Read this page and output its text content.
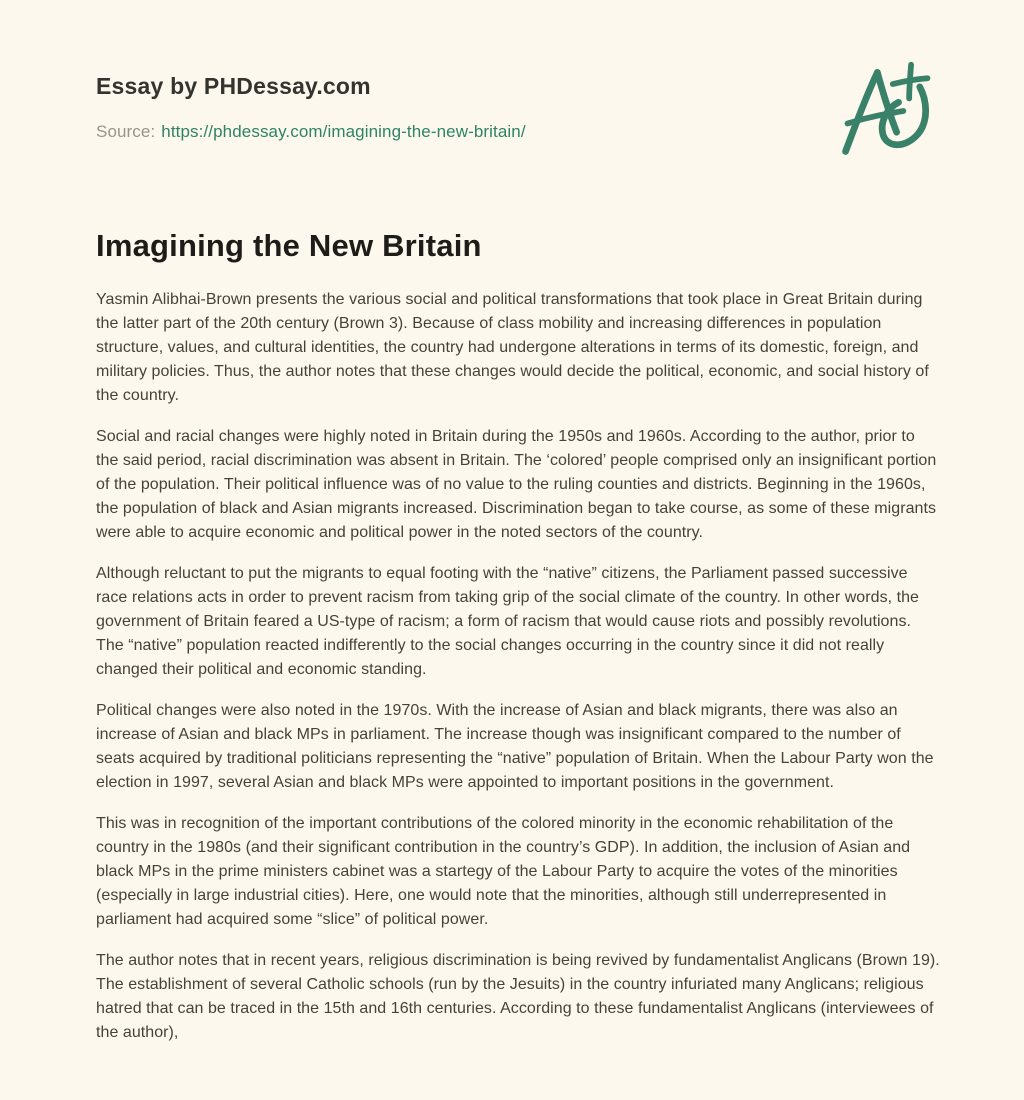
Essay by PHDessay.com
Source: https://phdessay.com/imagining-the-new-britain/
Imagining the New Britain

Yasmin Alibhai-Brown presents the various social and political transformations that took place in Great Britain during the latter part of the 20th century (Brown 3). Because of class mobility and increasing differences in population structure, values, and cultural identities, the country had undergone alterations in terms of its domestic, foreign, and military policies. Thus, the author notes that these changes would decide the political, economic, and social history of the country.

Social and racial changes were highly noted in Britain during the 1950s and 1960s. According to the author, prior to the said period, racial discrimination was absent in Britain. The ‘colored’ people comprised only an insignificant portion of the population. Their political influence was of no value to the ruling counties and districts. Beginning in the 1960s, the population of black and Asian migrants increased. Discrimination began to take course, as some of these migrants were able to acquire economic and political power in the noted sectors of the country.

Although reluctant to put the migrants to equal footing with the “native” citizens, the Parliament passed successive race relations acts in order to prevent racism from taking grip of the social climate of the country. In other words, the government of Britain feared a US-type of racism; a form of racism that would cause riots and possibly revolutions. The “native” population reacted indifferently to the social changes occurring in the country since it did not really changed their political and economic standing.

Political changes were also noted in the 1970s. With the increase of Asian and black migrants, there was also an increase of Asian and black MPs in parliament. The increase though was insignificant compared to the number of seats acquired by traditional politicians representing the “native” population of Britain. When the Labour Party won the election in 1997, several Asian and black MPs were appointed to important positions in the government.

This was in recognition of the important contributions of the colored minority in the economic rehabilitation of the country in the 1980s (and their significant contribution in the country’s GDP). In addition, the inclusion of Asian and black MPs in the prime ministers cabinet was a startegy of the Labour Party to acquire the votes of the minorities (especially in large industrial cities). Here, one would note that the minorities, although still underrepresented in parliament had acquired some “slice” of political power.

The author notes that in recent years, religious discrimination is being revived by fundamentalist Anglicans (Brown 19). The establishment of several Catholic schools (run by the Jesuits) in the country infuriated many Anglicans; religious hatred that can be traced in the 15th and 16th centuries. According to these fundamentalist Anglicans (interviewees of the author),
